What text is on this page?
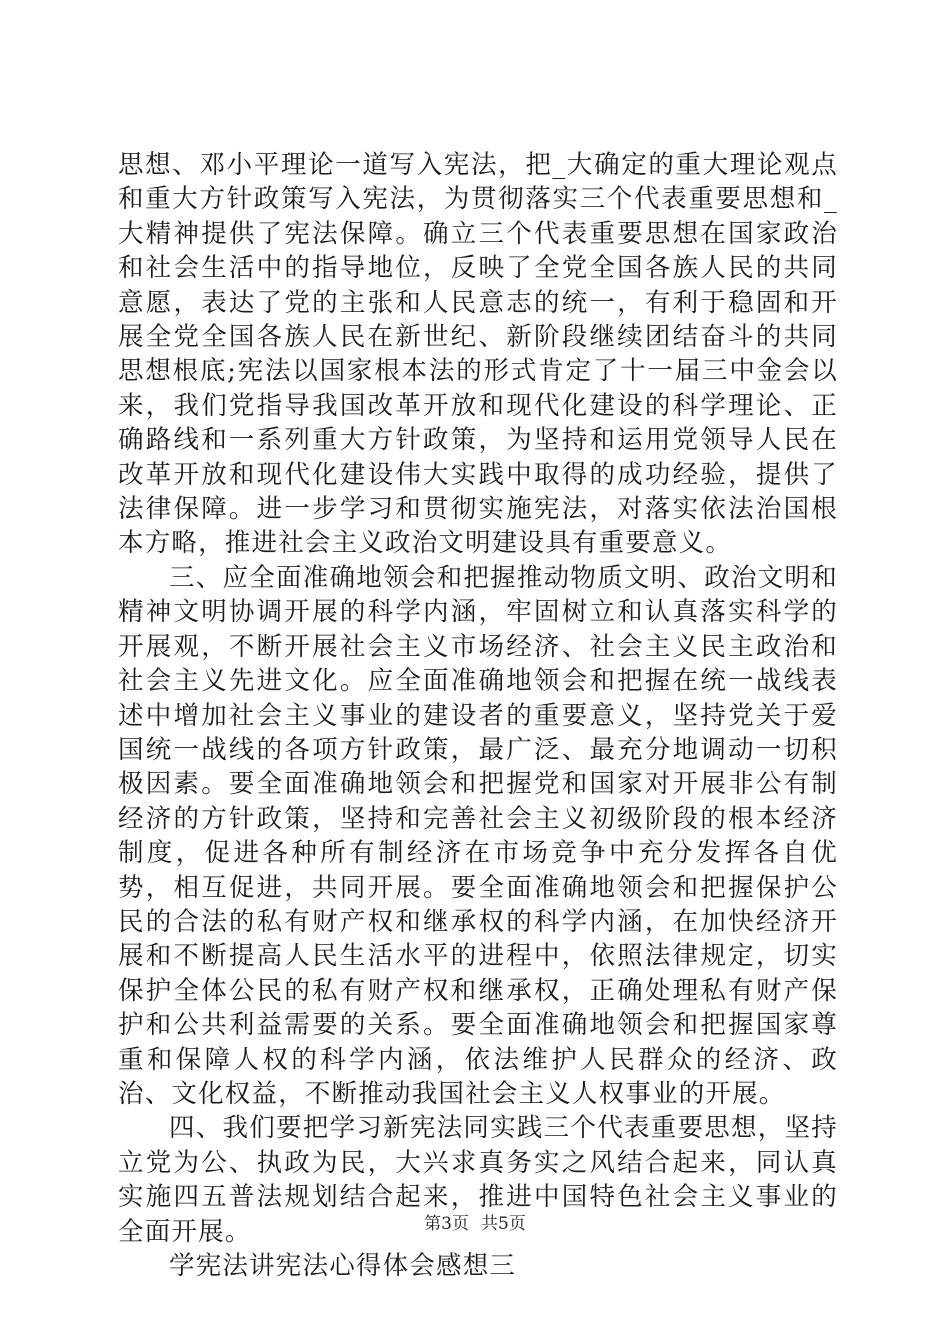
思想、邓小平理论一道写入宪法，把_大确定的重大理论观点和重大方针政策写入宪法，为贯彻落实三个代表重要思想和_大精神提供了宪法保障。确立三个代表重要思想在国家政治和社会生活中的指导地位，反映了全党全国各族人民的共同意愿，表达了党的主张和人民意志的统一，有利于稳固和开展全党全国各族人民在新世纪、新阶段继续团结奋斗的共同思想根底;宪法以国家根本法的形式肯定了十一届三中金会以来，我们党指导我国改革开放和现代化建设的科学理论、正确路线和一系列重大方针政策，为坚持和运用党领导人民在改革开放和现代化建设伟大实践中取得的成功经验，提供了法律保障。进一步学习和贯彻实施宪法，对落实依法治国根本方略，推进社会主义政治文明建设具有重要意义。

三、应全面准确地领会和把握推动物质文明、政治文明和精神文明协调开展的科学内涵，牢固树立和认真落实科学的开展观，不断开展社会主义市场经济、社会主义民主政治和社会主义先进文化。应全面准确地领会和把握在统一战线表述中增加社会主义事业的建设者的重要意义，坚持党关于爱国统一战线的各项方针政策，最广泛、最充分地调动一切积极因素。要全面准确地领会和把握党和国家对开展非公有制经济的方针政策，坚持和完善社会主义初级阶段的根本经济制度，促进各种所有制经济在市场竞争中充分发挥各自优势，相互促进，共同开展。要全面准确地领会和把握保护公民的合法的私有财产权和继承权的科学内涵，在加快经济开展和不断提高人民生活水平的进程中，依照法律规定，切实保护全体公民的私有财产权和继承权，正确处理私有财产保护和公共利益需要的关系。要全面准确地领会和把握国家尊重和保障人权的科学内涵，依法维护人民群众的经济、政治、文化权益，不断推动我国社会主义人权事业的开展。

四、我们要把学习新宪法同实践三个代表重要思想，坚持立党为公、执政为民，大兴求真务实之风结合起来，同认真实施四五普法规划结合起来，推进中国特色社会主义事业的全面开展。

学宪法讲宪法心得体会感想三

第3页 共5页
